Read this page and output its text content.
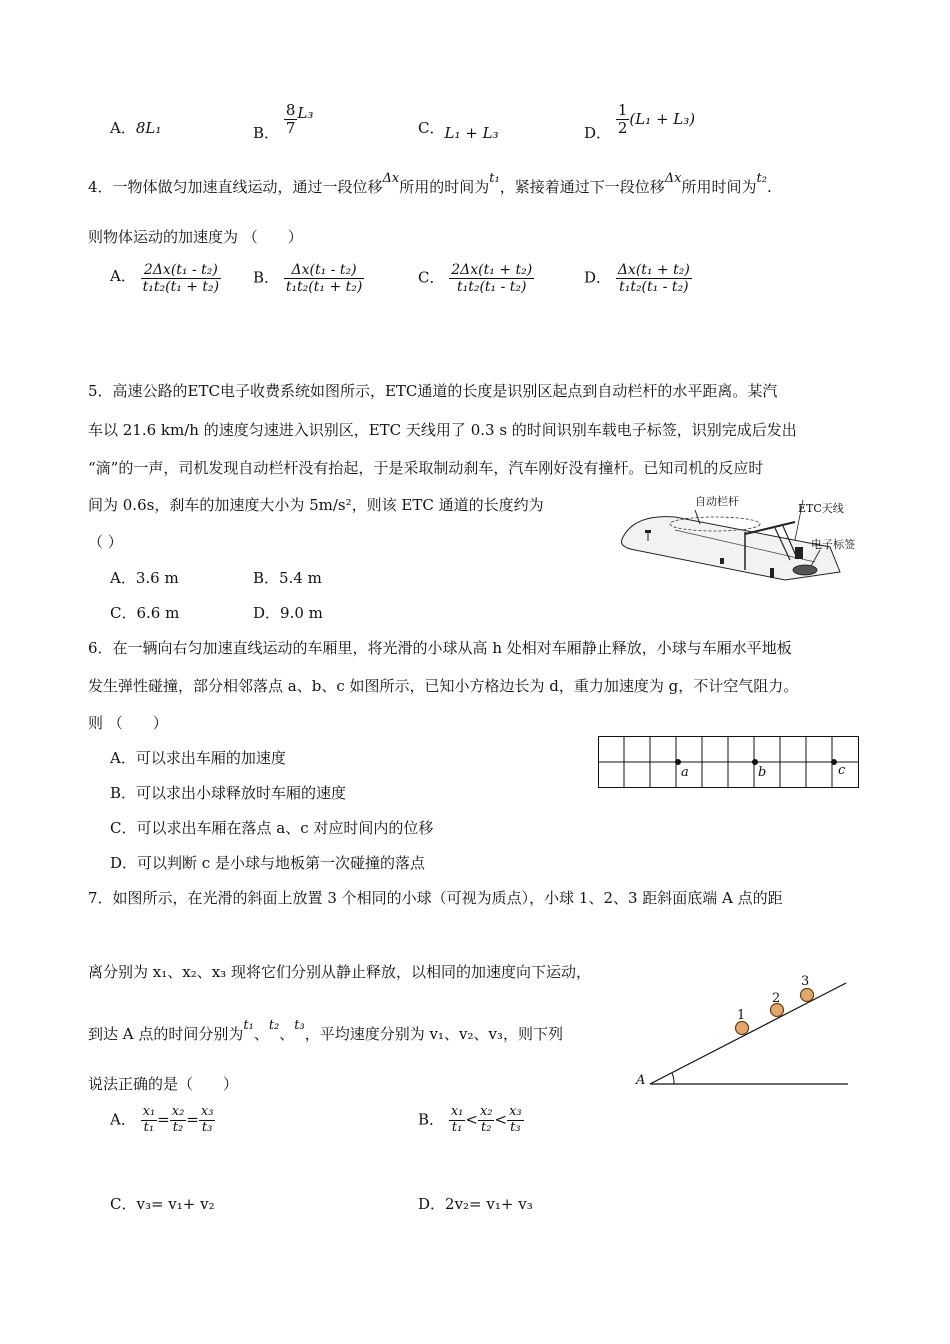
A．8L₁	B． $\frac{8}{7} L_3$
C．L₁ + L₃	D． $\frac{1}{2} (L_1 + L_3)$
4．一物体做匀加速直线运动，通过一段位移Δx所用的时间为t₁，紧接着通过下一段位移Δx所用时间为t₂.
则物体运动的加速度为 （　　）
A． $\frac{\text{2Δx(t₁ - t₂)}}{\text{t₁t₂(t₁ + t₂)}}$ B． $\frac{\text{Δx(t₁ - t₂)}}{\text{t₁t₂(t₁ + t₂)}}$	C． $\frac{\text{2Δx(t₁ + t₂)}}{\text{t₁t₂(t₁ - t₂)}}$	D． $\frac{\text{Δx(t₁ + t₂)}}{\text{t₁t₂(t₁ - t₂)}}$
5．高速公路的ETC电子收费系统如图所示，ETC通道的长度是识别区起点到自动栏杆的水平距离。某汽
车以 21.6 km/h 的速度匀速进入识别区，ETC 天线用了 0.3 s 的时间识别车载电子标签，识别完成后发出
“滴”的一声，司机发现自动栏杆没有抬起，于是采取制动刹车，汽车刚好没有撞杆。已知司机的反应时
间为 0.6s，刹车的加速度大小为 5m/s²，则该 ETC 通道的长度约为
（ ）
A．3.6 m	B．5.4 m
C．6.6 m	D．9.0 m
自动栏杆
ETC天线
电子标签
6．在一辆向右匀加速直线运动的车厢里，将光滑的小球从高 h 处相对车厢静止释放，小球与车厢水平地板
发生弹性碰撞，部分相邻落点 a、b、c 如图所示，已知小方格边长为 d，重力加速度为 g，不计空气阻力。
则 （　　）
A．可以求出车厢的加速度
B．可以求出小球释放时车厢的速度
C．可以求出车厢在落点 a、c 对应时间内的位移
D．可以判断 c 是小球与地板第一次碰撞的落点
a	b	c
7．如图所示，在光滑的斜面上放置 3 个相同的小球（可视为质点），小球 1、2、3 距斜面底端 A 点的距
离分别为 x₁、x₂、x₃ 现将它们分别从静止释放，以相同的加速度向下运动，
到达 A 点的时间分别为t₁、t₂、t₃，平均速度分别为 v₁、v₂、v₃，则下列
说法正确的是（　　）
1
2
3
A
A． $\frac{\text{x₁}}{\text{t₁}} = \frac{\text{x₂}}{\text{t₂}} = \frac{\text{x₃}}{\text{t₃}}$	B． $\frac{\text{x₁}}{\text{t₁}} < \frac{\text{x₂}}{\text{t₂}} < \frac{\text{x₃}}{\text{t₃}}$
C．v₃= v₁+ v₂	D．2v₂= v₁+ v₃
